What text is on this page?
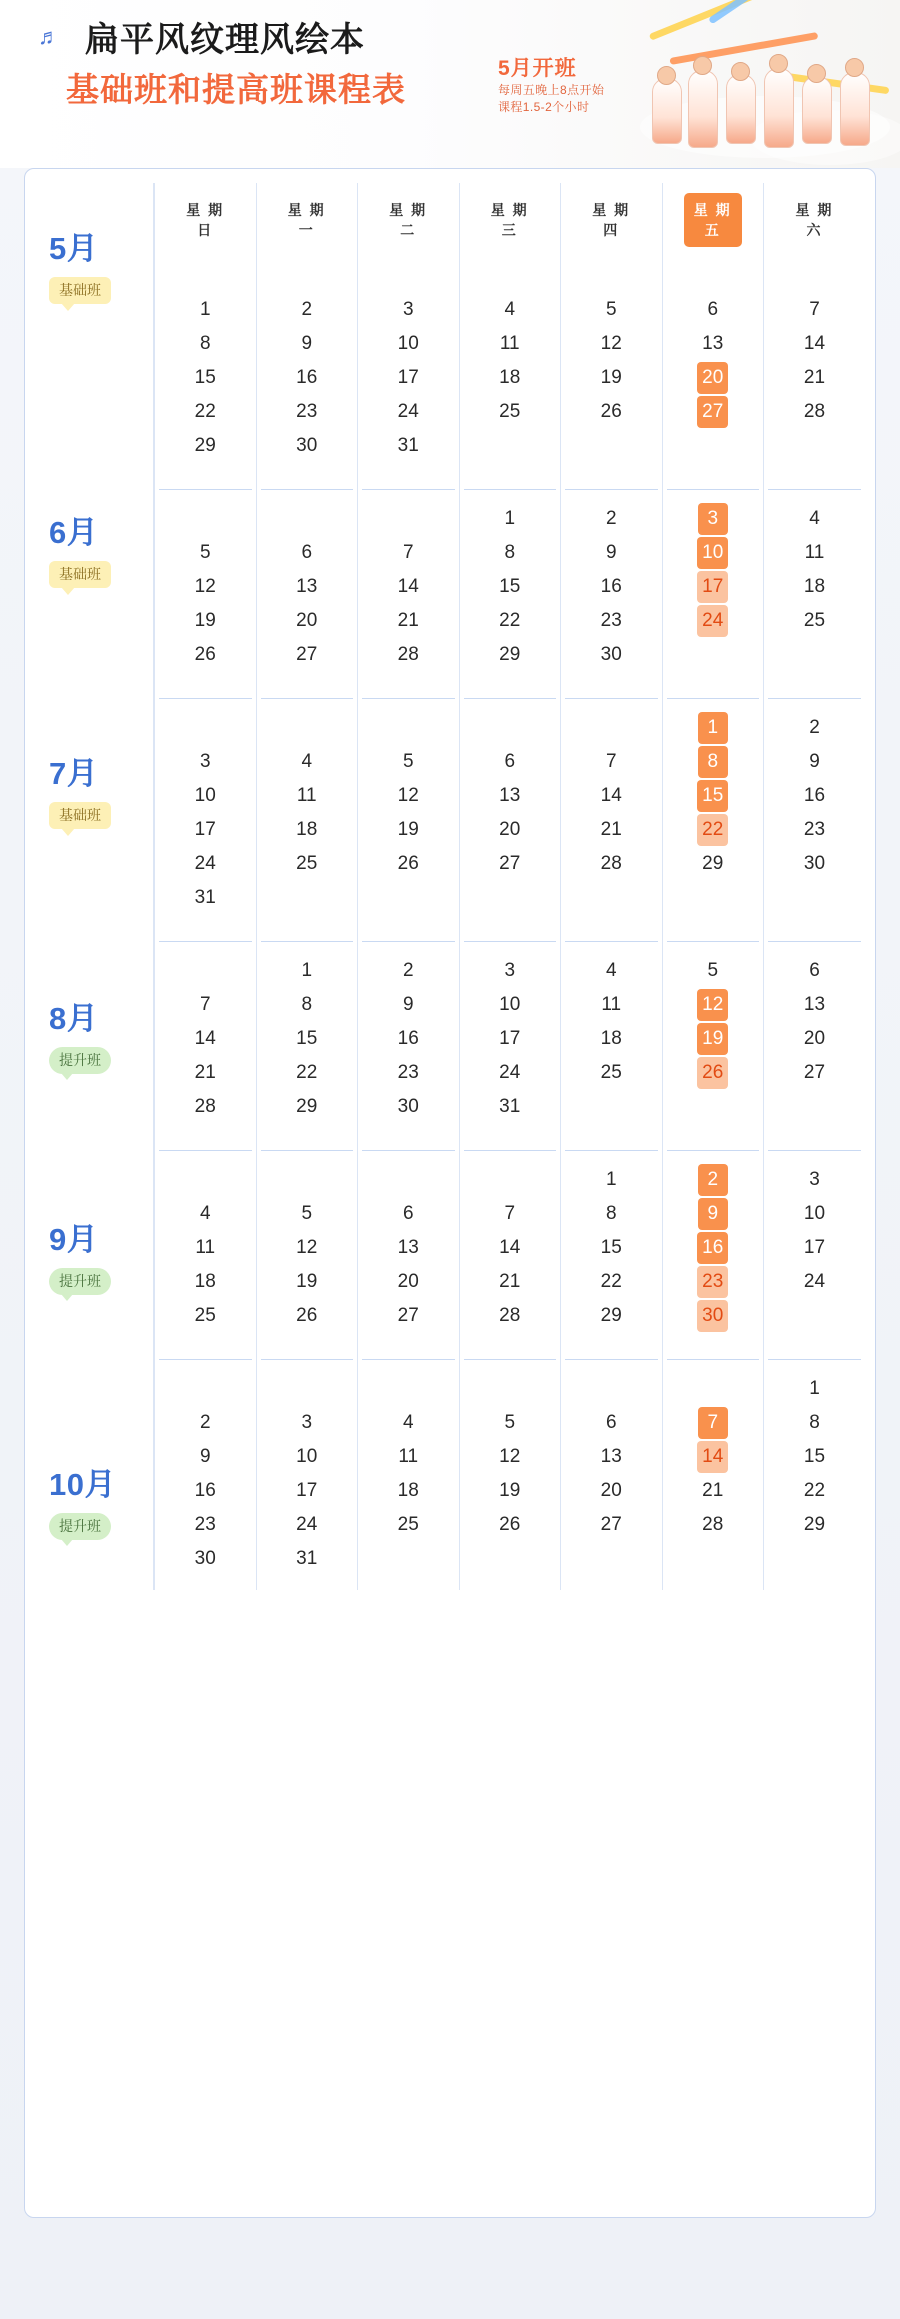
♬ 扁平风纹理风绘本
基础班和提高班课程表
5月开班
每周五晚上8点开始
课程1.5-2个小时
5月
基础班
6月
基础班
7月
基础班
8月
提升班
9月
提升班
10月
提升班
星 期 日	星 期 一	星 期 二	星 期 三	星 期 四	星 期 五	星 期 六

1	2	3	4	5	6	7
8	9	10	11	12	13	14
15	16	17	18	19	20	21
22	23	24	25	26	27	28
29	30	31				

			1	2	3	4
5	6	7	8	9	10	11
12	13	14	15	16	17	18
19	20	21	22	23	24	25
26	27	28	29	30		

					1	2
3	4	5	6	7	8	9
10	11	12	13	14	15	16
17	18	19	20	21	22	23
24	25	26	27	28	29	30
31						

	1	2	3	4	5	6
7	8	9	10	11	12	13
14	15	16	17	18	19	20
21	22	23	24	25	26	27
28	29	30	31			

				1	2	3
4	5	6	7	8	9	10
11	12	13	14	15	16	17
18	19	20	21	22	23	24
25	26	27	28	29	30	

						1
2	3	4	5	6	7	8
9	10	11	12	13	14	15
16	17	18	19	20	21	22
23	24	25	26	27	28	29
30	31					
